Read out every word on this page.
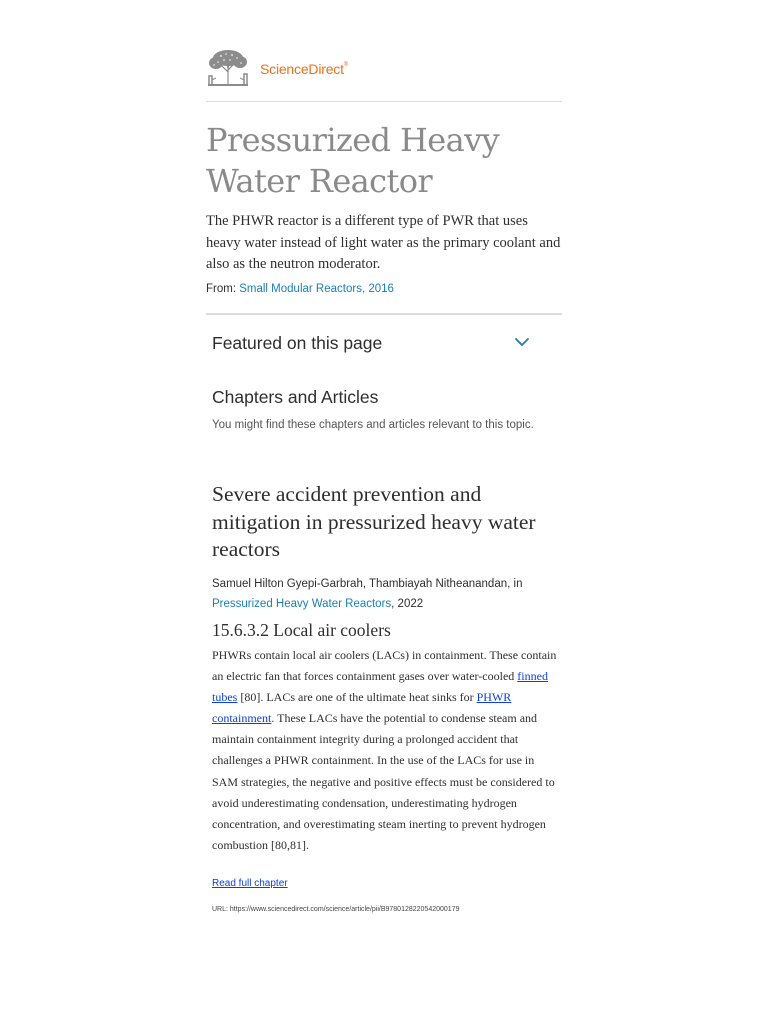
ScienceDirect®
Pressurized Heavy Water Reactor

The PHWR reactor is a different type of PWR that uses heavy water instead of light water as the primary coolant and also as the neutron moderator.

From: Small Modular Reactors, 2016
Featured on this page
Chapters and Articles
You might find these chapters and articles relevant to this topic.
Severe accident prevention and mitigation in pressurized heavy water reactors
Samuel Hilton Gyepi-Garbrah, Thambiayah Nitheanandan, in
Pressurized Heavy Water Reactors, 2022
15.6.3.2 Local air coolers

PHWRs contain local air coolers (LACs) in containment. These contain an electric fan that forces containment gases over water-cooled finned tubes [80]. LACs are one of the ultimate heat sinks for PHWR containment. These LACs have the potential to condense steam and maintain containment integrity during a prolonged accident that challenges a PHWR containment. In the use of the LACs for use in SAM strategies, the negative and positive effects must be considered to avoid underestimating condensation, underestimating hydrogen concentration, and overestimating steam inerting to prevent hydrogen combustion [80,81].

Read full chapter
URL: https://www.sciencedirect.com/science/article/pii/B9780128220542000179
